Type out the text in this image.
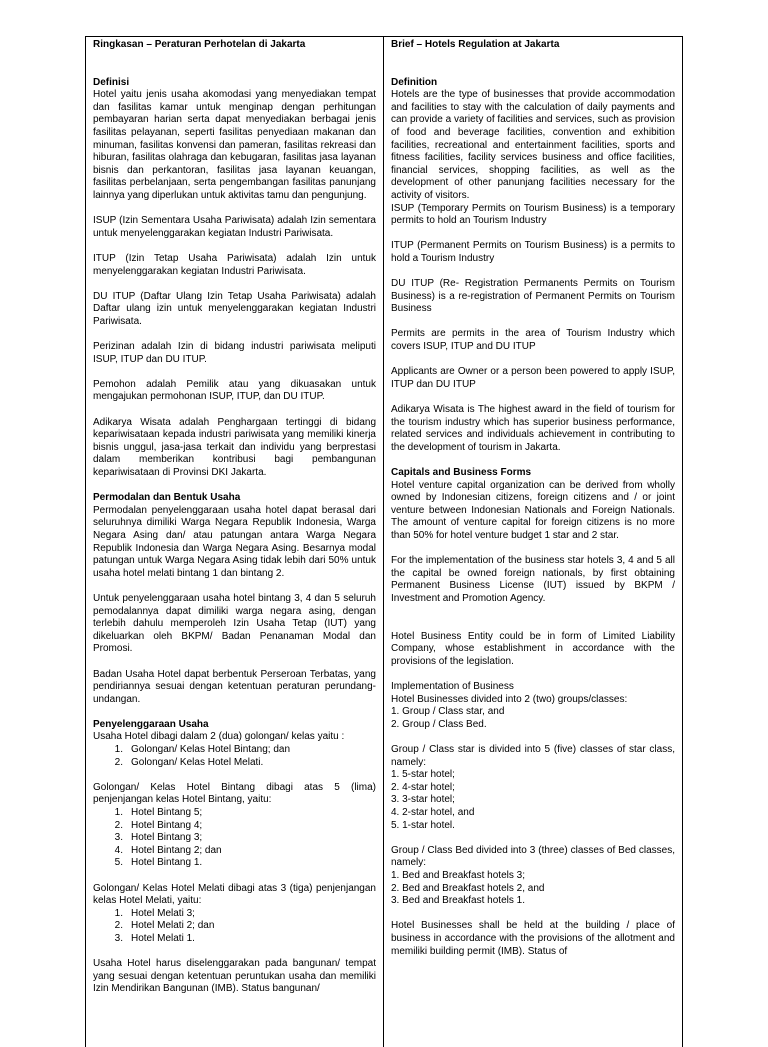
Ringkasan – Peraturan Perhotelan di Jakarta

Definisi

Hotel yaitu jenis usaha akomodasi yang menyediakan tempat dan fasilitas kamar untuk menginap dengan perhitungan pembayaran harian serta dapat menyediakan berbagai jenis fasilitas pelayanan, seperti fasilitas penyediaan makanan dan minuman, fasilitas konvensi dan pameran, fasilitas rekreasi dan hiburan, fasilitas olahraga dan kebugaran, fasilitas jasa layanan bisnis dan perkantoran, fasilitas jasa layanan keuangan, fasilitas perbelanjaan, serta pengembangan fasilitas panunjang lainnya yang diperlukan untuk aktivitas tamu dan pengunjung.

ISUP (Izin Sementara Usaha Pariwisata) adalah Izin sementara untuk menyelenggarakan kegiatan Industri Pariwisata.

ITUP (Izin Tetap Usaha Pariwisata) adalah Izin untuk menyelenggarakan kegiatan Industri Pariwisata.

DU ITUP (Daftar Ulang Izin Tetap Usaha Pariwisata) adalah Daftar ulang izin untuk menyelenggarakan kegiatan Industri Pariwisata.

Perizinan adalah Izin di bidang industri pariwisata meliputi ISUP, ITUP dan DU ITUP.

Pemohon adalah Pemilik atau yang dikuasakan untuk mengajukan permohonan ISUP, ITUP, dan DU ITUP.

Adikarya Wisata adalah Penghargaan tertinggi di bidang kepariwisataan kepada industri pariwisata yang memiliki kinerja bisnis unggul, jasa-jasa terkait dan individu yang berprestasi dalam memberikan kontribusi bagi pembangunan kepariwisataan di Provinsi DKI Jakarta.

Permodalan dan Bentuk Usaha

Permodalan penyelenggaraan usaha hotel dapat berasal dari seluruhnya dimiliki Warga Negara Republik Indonesia, Warga Negara Asing dan/ atau patungan antara Warga Negara Republik Indonesia dan Warga Negara Asing. Besarnya modal patungan untuk Warga Negara Asing tidak lebih dari 50% untuk usaha hotel melati bintang 1 dan bintang 2.

Untuk penyelenggaraan usaha hotel bintang 3, 4 dan 5 seluruh pemodalannya dapat dimiliki warga negara asing, dengan terlebih dahulu memperoleh Izin Usaha Tetap (IUT) yang dikeluarkan oleh BKPM/ Badan Penanaman Modal dan Promosi.

Badan Usaha Hotel dapat berbentuk Perseroan Terbatas, yang pendiriannya sesuai dengan ketentuan peraturan perundang-undangan.

Penyelenggaraan Usaha

Usaha Hotel dibagi dalam 2 (dua) golongan/ kelas yaitu :

1. Golongan/ Kelas Hotel Bintang; dan
2. Golongan/ Kelas Hotel Melati.

Golongan/ Kelas Hotel Bintang dibagi atas 5 (lima) penjenjangan kelas Hotel Bintang, yaitu:

1. Hotel Bintang 5;
2. Hotel Bintang 4;
3. Hotel Bintang 3;
4. Hotel Bintang 2; dan
5. Hotel Bintang 1.

Golongan/ Kelas Hotel Melati dibagi atas 3 (tiga) penjenjangan kelas Hotel Melati, yaitu:

1. Hotel Melati 3;
2. Hotel Melati 2; dan
3. Hotel Melati 1.

Usaha Hotel harus diselenggarakan pada bangunan/ tempat yang sesuai dengan ketentuan peruntukan usaha dan memiliki Izin Mendirikan Bangunan (IMB). Status bangunan/

Brief – Hotels Regulation at Jakarta

Definition

Hotels are the type of businesses that provide accommodation and facilities to stay with the calculation of daily payments and can provide a variety of facilities and services, such as provision of food and beverage facilities, convention and exhibition facilities, recreational and entertainment facilities, sports and fitness facilities, facility services business and office facilities, financial services, shopping facilities, as well as the development of other panunjang facilities necessary for the activity of visitors.

ISUP (Temporary Permits on Tourism Business) is a temporary permits to hold an Tourism Industry

ITUP (Permanent Permits on Tourism Business) is a permits to hold a Tourism Industry

DU ITUP (Re- Registration Permanents Permits on Tourism Business) is a re-registration of Permanent Permits on Tourism Business

Permits are permits in the area of Tourism Industry which covers ISUP, ITUP and DU ITUP

Applicants are Owner or a person been powered to apply ISUP, ITUP dan DU ITUP

Adikarya Wisata is The highest award in the field of tourism for the tourism industry which has superior business performance, related services and individuals achievement in contributing to the development of tourism in Jakarta.

Capitals and Business Forms

Hotel venture capital organization can be derived from wholly owned by Indonesian citizens, foreign citizens and / or joint venture between Indonesian Nationals and Foreign Nationals. The amount of venture capital for foreign citizens is no more than 50% for hotel venture budget 1 star and 2 star.

For the implementation of the business star hotels 3, 4 and 5 all the capital be owned foreign nationals, by first obtaining Permanent Business License (IUT) issued by BKPM / Investment and Promotion Agency.

Hotel Business Entity could be in form of Limited Liability Company, whose establishment in accordance with the provisions of the legislation.

Implementation of Business

Hotel Businesses divided into 2 (two) groups/classes:
1. Group / Class star, and
2. Group / Class Bed.

Group / Class star is divided into 5 (five) classes of star class, namely:

1. 5-star hotel;
2. 4-star hotel;
3. 3-star hotel;
4. 2-star hotel, and
5. 1-star hotel.

Group / Class Bed divided into 3 (three) classes of Bed classes, namely:

1. Bed and Breakfast hotels 3;
2. Bed and Breakfast hotels 2, and
3. Bed and Breakfast hotels 1.

Hotel Businesses shall be held at the building / place of business in accordance with the provisions of the allotment and memiliki building permit (IMB). Status of
